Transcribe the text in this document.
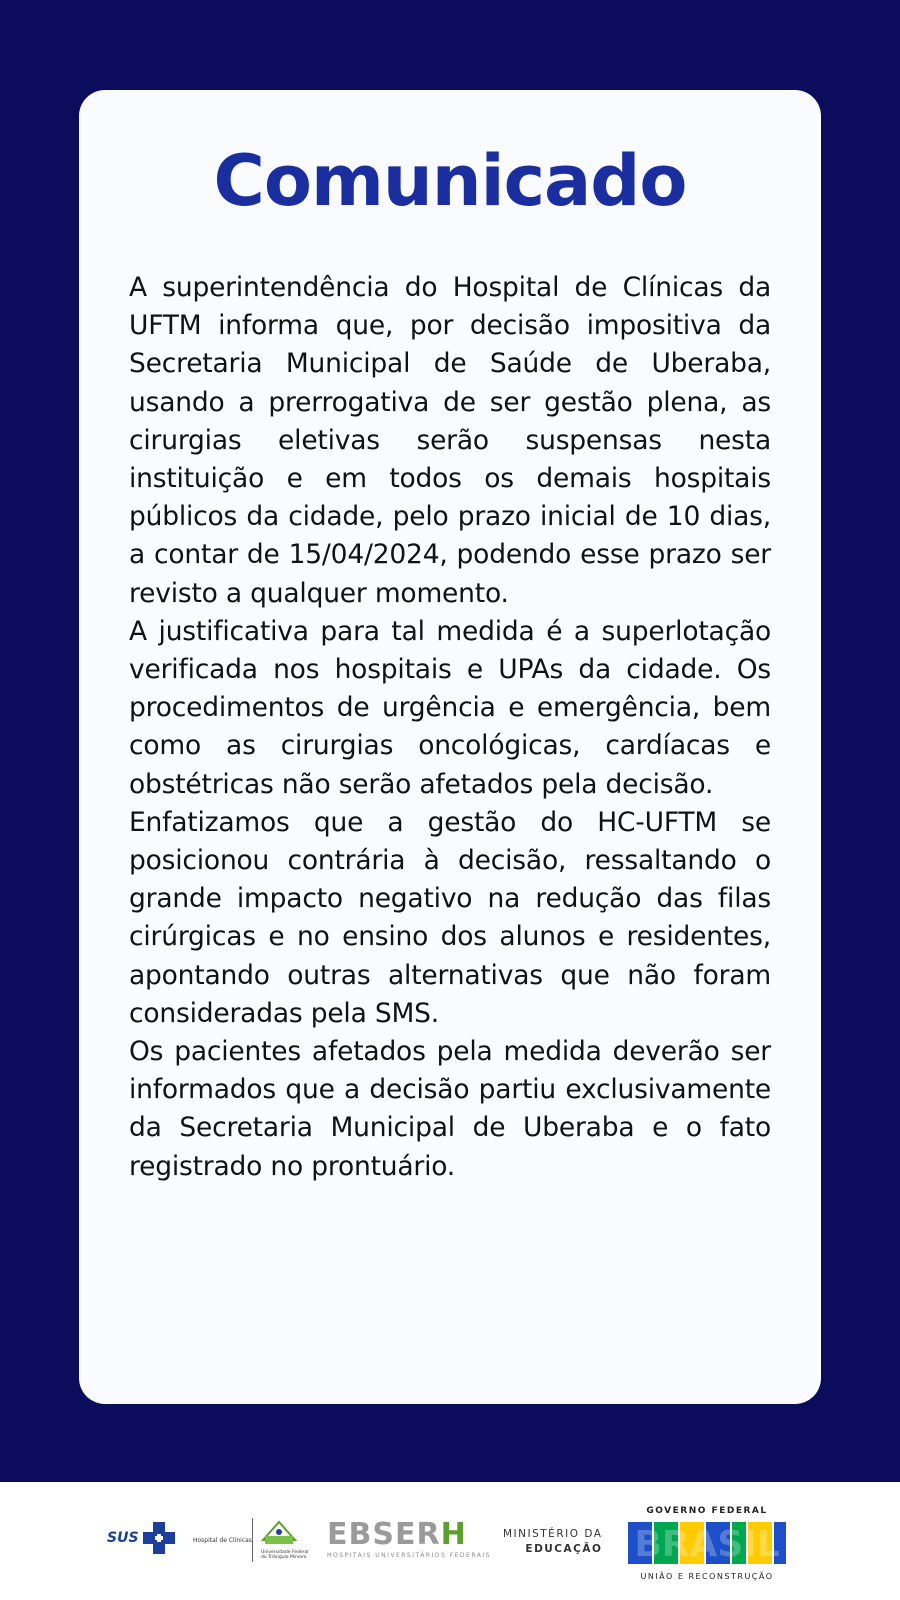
Comunicado

A superintendência do Hospital de Clínicas da UFTM informa que, por decisão impositiva da Secretaria Municipal de Saúde de Uberaba, usando a prerrogativa de ser gestão plena, as cirurgias eletivas serão suspensas nesta instituição e em todos os demais hospitais públicos da cidade, pelo prazo inicial de 10 dias, a contar de 15/04/2024, podendo esse prazo ser revisto a qualquer momento.

A justificativa para tal medida é a superlotação verificada nos hospitais e UPAs da cidade. Os procedimentos de urgência e emergência, bem como as cirurgias oncológicas, cardíacas e obstétricas não serão afetados pela decisão.

Enfatizamos que a gestão do HC-UFTM se posicionou contrária à decisão, ressaltando o grande impacto negativo na redução das filas cirúrgicas e no ensino dos alunos e residentes, apontando outras alternativas que não foram consideradas pela SMS.

Os pacientes afetados pela medida deverão ser informados que a decisão partiu exclusivamente da Secretaria Municipal de Uberaba e o fato registrado no prontuário.

SUS	Hospital de Clínicas
Universidade Federal
do Triângulo Mineiro
EBSERH
HOSPITAIS UNIVERSITÁRIOS FEDERAIS
MINISTÉRIO DA
EDUCAÇÃO
GOVERNO FEDERAL
BRASIL
UNIÃO E RECONSTRUÇÃO
